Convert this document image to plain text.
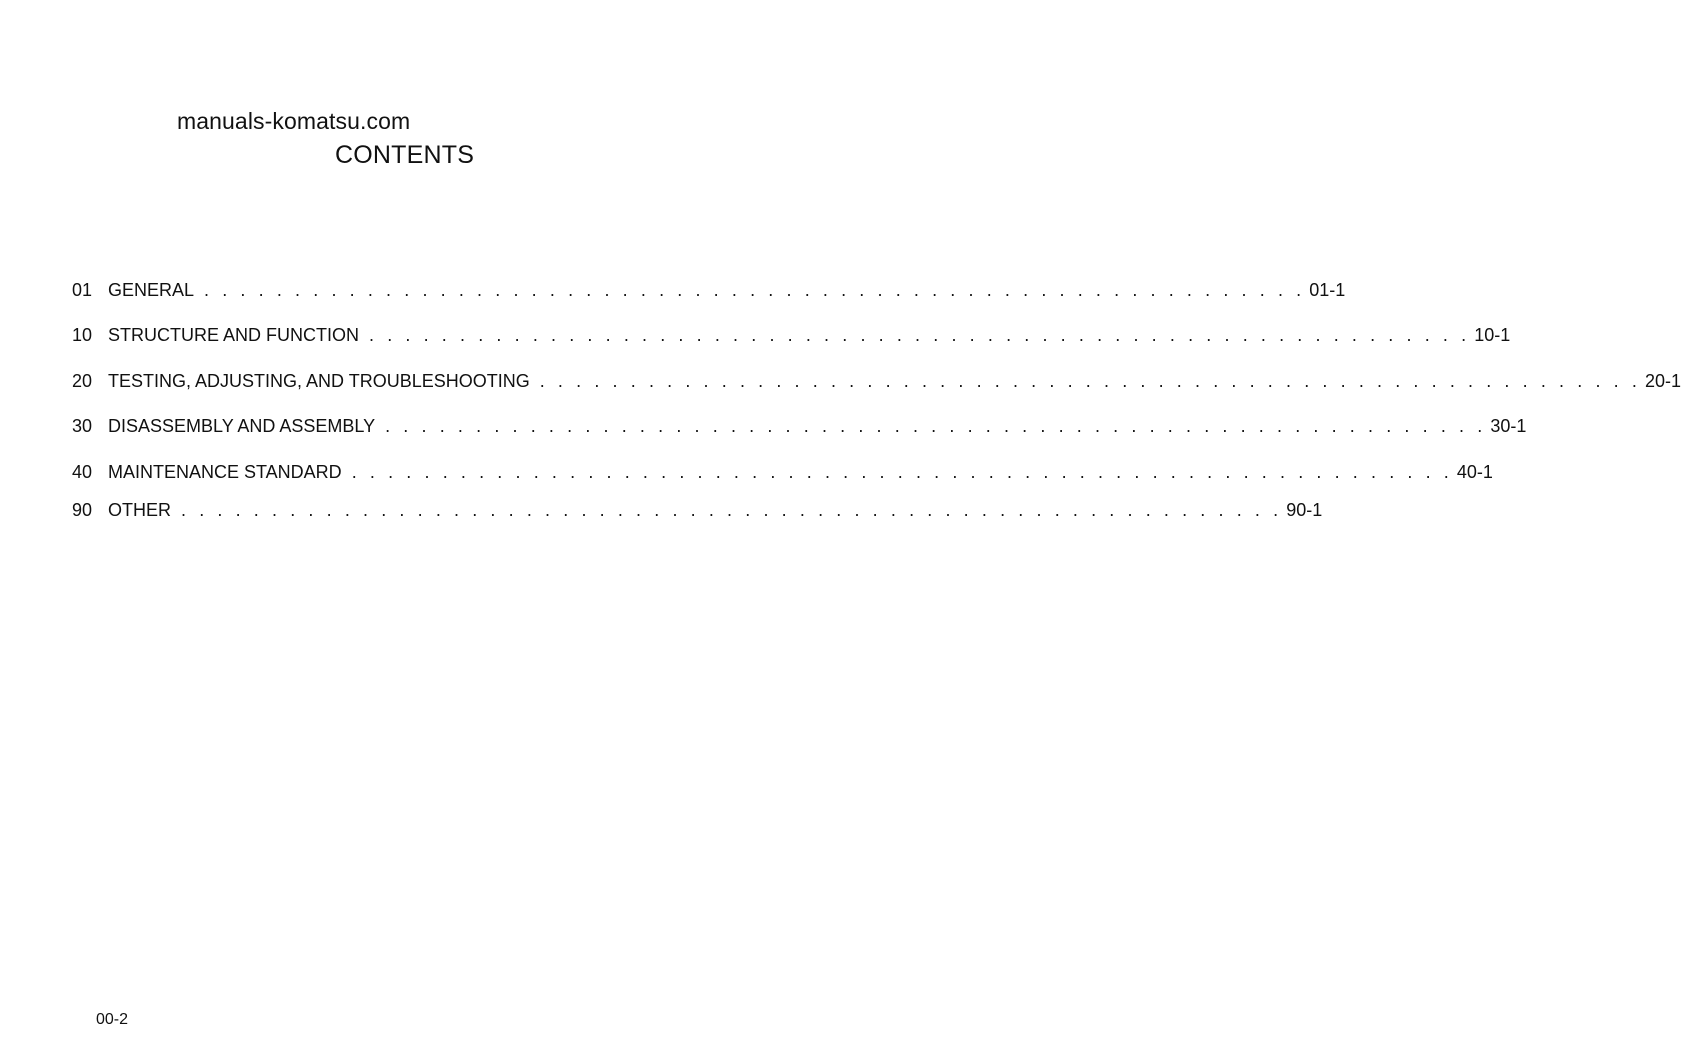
manuals-komatsu.com
CONTENTS
01 GENERAL . . . . . . . . . . . . . . . . . . . . . . . . . . . . . . . . . . . . . . . . . . . . . . . . . . . . . . . . . . . . . 01-1
10 STRUCTURE AND FUNCTION . . . . . . . . . . . . . . . . . . . . . . . . . . . . . . . . . . . . . . . . . . . . . . . . . . . . . . . . . . . . . 10-1
20 TESTING, ADJUSTING, AND TROUBLESHOOTING . . . . . . . . . . . . . . . . . . . . . . . . . . . . . . . . . . . . . . . . . . . . . . . . . . . . . . . . . . . . . 20-1
30 DISASSEMBLY AND ASSEMBLY . . . . . . . . . . . . . . . . . . . . . . . . . . . . . . . . . . . . . . . . . . . . . . . . . . . . . . . . . . . . . 30-1
40 MAINTENANCE STANDARD . . . . . . . . . . . . . . . . . . . . . . . . . . . . . . . . . . . . . . . . . . . . . . . . . . . . . . . . . . . . . 40-1
90 OTHER . . . . . . . . . . . . . . . . . . . . . . . . . . . . . . . . . . . . . . . . . . . . . . . . . . . . . . . . . . . . . 90-1
00-2
